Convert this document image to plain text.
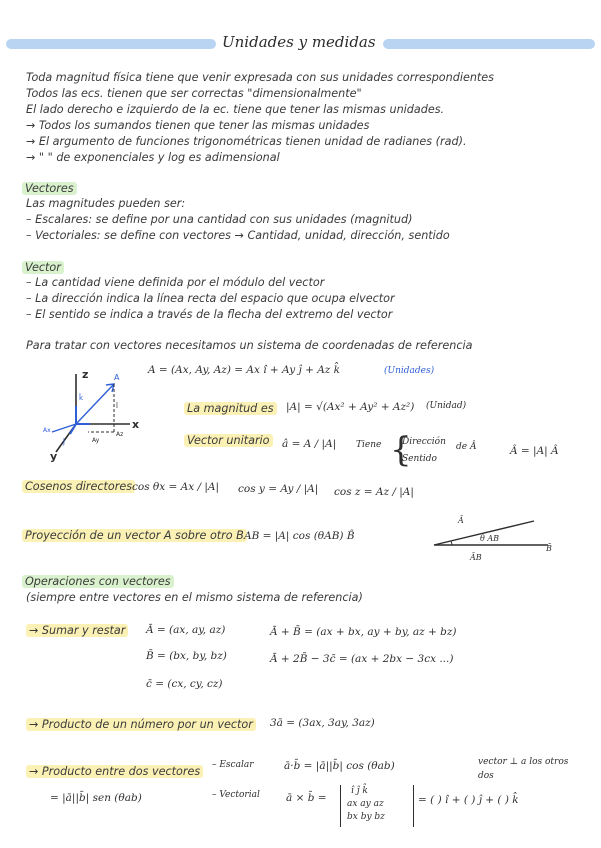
Unidades y medidas
Toda magnitud física tiene que venir expresada con sus unidades correspondientes
Todos las ecs. tienen que ser correctas "dimensionalmente"
El lado derecho e izquierdo de la ec. tiene que tener las mismas unidades.
→ Todos los sumandos tienen que tener las mismas unidades
→ El argumento de funciones trigonométricas tienen unidad de radianes (rad).
→ " " de exponenciales y log es adimensional
Vectores
Las magnitudes pueden ser:
– Escalares: se define por una cantidad con sus unidades (magnitud)
– Vectoriales: se define con vectores → Cantidad, unidad, dirección, sentido
Vector
– La cantidad viene definida por el módulo del vector
– La dirección indica la línea recta del espacio que ocupa elvector
– El sentido se indica a través de la flecha del extremo del vector
Para tratar con vectores necesitamos un sistema de coordenadas de referencia
z
x
y
A
k̂
î
ĵ
Ax
Ay
Az
A = (Ax, Ay, Az) = Ax î + Ay ĵ + Az k̂	(Unidades)
La magnitud es |A| = √(Ax² + Ay² + Az²) (Unidad)
Vector unitario â = A / |A| Tiene {
Dirección
Sentido
de Â	Â = |A| Â
Cosenos directores cos θx = Ax / |A| cos y = Ay / |A| cos z = Az / |A|
Proyección de un vector A sobre otro B AB = |A| cos (θAB) B̂
Ā
θ AB
ĀB
B̄
Operaciones con vectores
(siempre entre vectores en el mismo sistema de referencia)
→ Sumar y restar Ā = (ax, ay, az)
B̄ = (bx, by, bz)
c̄ = (cx, cy, cz)
Ā + B̄ = (ax + bx, ay + by, az + bz)
Ā + 2B̄ − 3c̄ = (ax + 2bx − 3cx ...)
→ Producto de un número por un vector 3ā = (3ax, 3ay, 3az)
→ Producto entre dos vectores	– Escalar	ā·b̄ = |ā||b̄| cos (θab)	vector ⊥ a los otros dos
= |ā||b̄| sen (θab)	– Vectorial ā × b̄ =
î ĵ k̂
ax ay az
bx by bz
= ( ) î + ( ) ĵ + ( ) k̂
